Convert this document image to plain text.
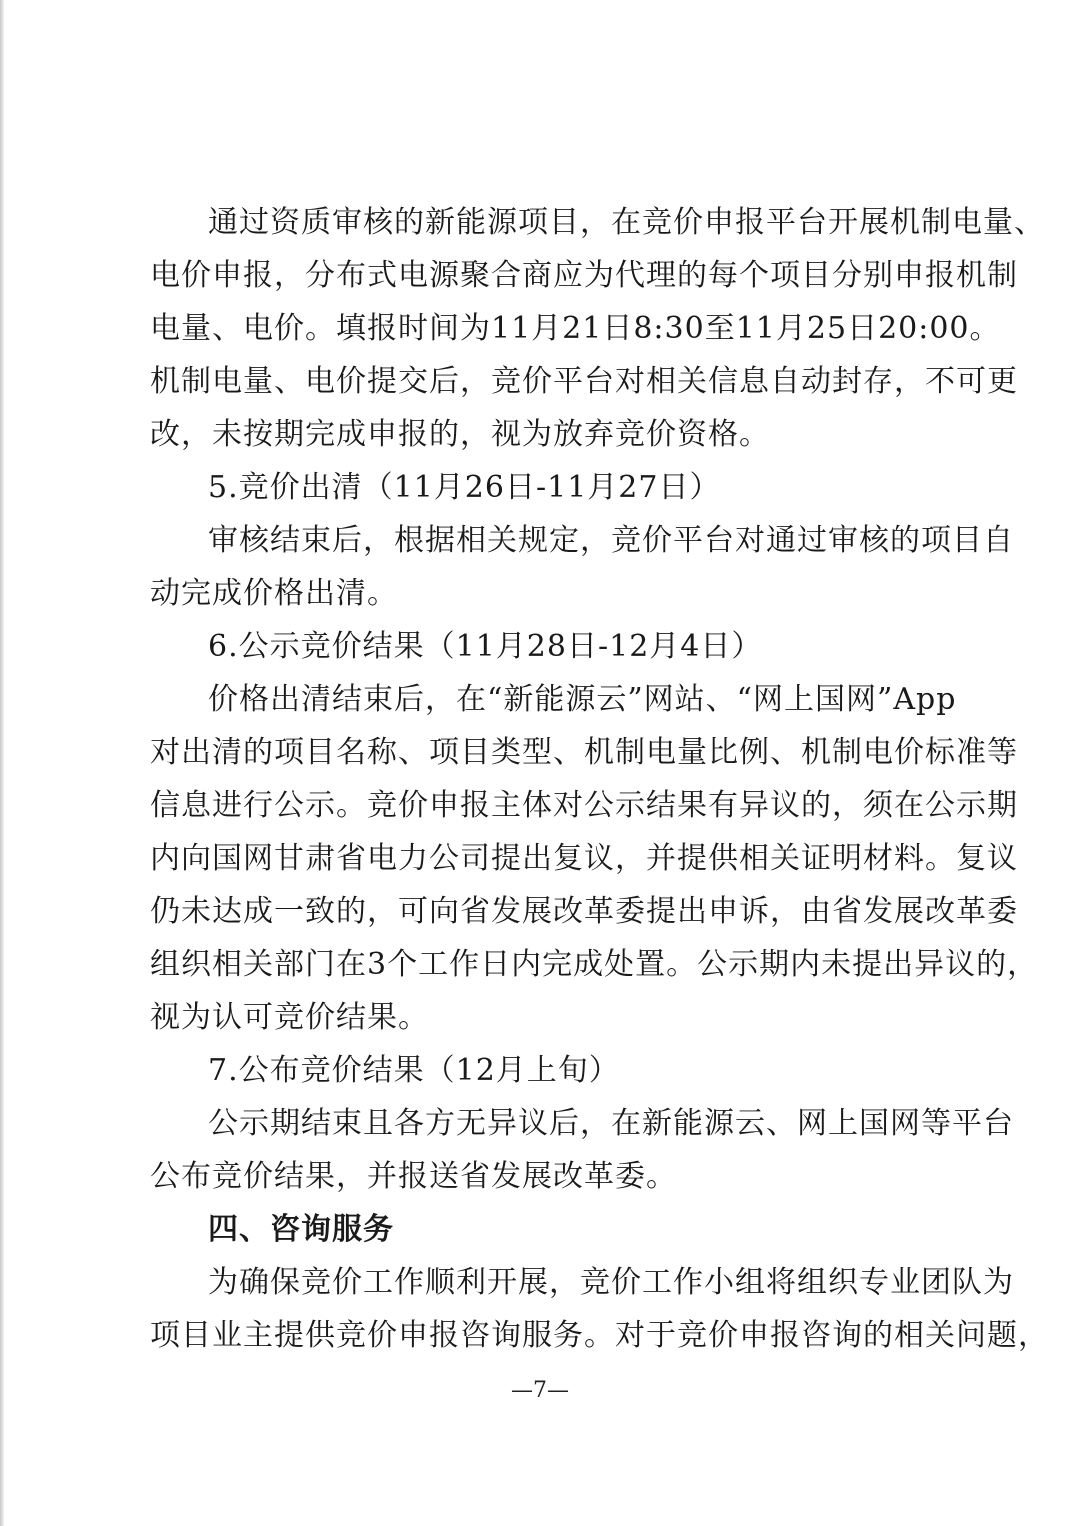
通过资质审核的新能源项目，在竞价申报平台开展机制电量、
电价申报，分布式电源聚合商应为代理的每个项目分别申报机制
电量、电价。填报时间为11月21日8:30至11月25日20:00。
机制电量、电价提交后，竞价平台对相关信息自动封存，不可更
改，未按期完成申报的，视为放弃竞价资格。
5.竞价出清（11月26日-11月27日）
审核结束后，根据相关规定，竞价平台对通过审核的项目自
动完成价格出清。
6.公示竞价结果（11月28日-12月4日）
价格出清结束后，在“新能源云”网站、“网上国网”App
对出清的项目名称、项目类型、机制电量比例、机制电价标准等
信息进行公示。竞价申报主体对公示结果有异议的，须在公示期
内向国网甘肃省电力公司提出复议，并提供相关证明材料。复议
仍未达成一致的，可向省发展改革委提出申诉，由省发展改革委
组织相关部门在3个工作日内完成处置。公示期内未提出异议的，
视为认可竞价结果。
7.公布竞价结果（12月上旬）
公示期结束且各方无异议后，在新能源云、网上国网等平台
公布竞价结果，并报送省发展改革委。
四、咨询服务
为确保竞价工作顺利开展，竞价工作小组将组织专业团队为
项目业主提供竞价申报咨询服务。对于竞价申报咨询的相关问题，
—7—
